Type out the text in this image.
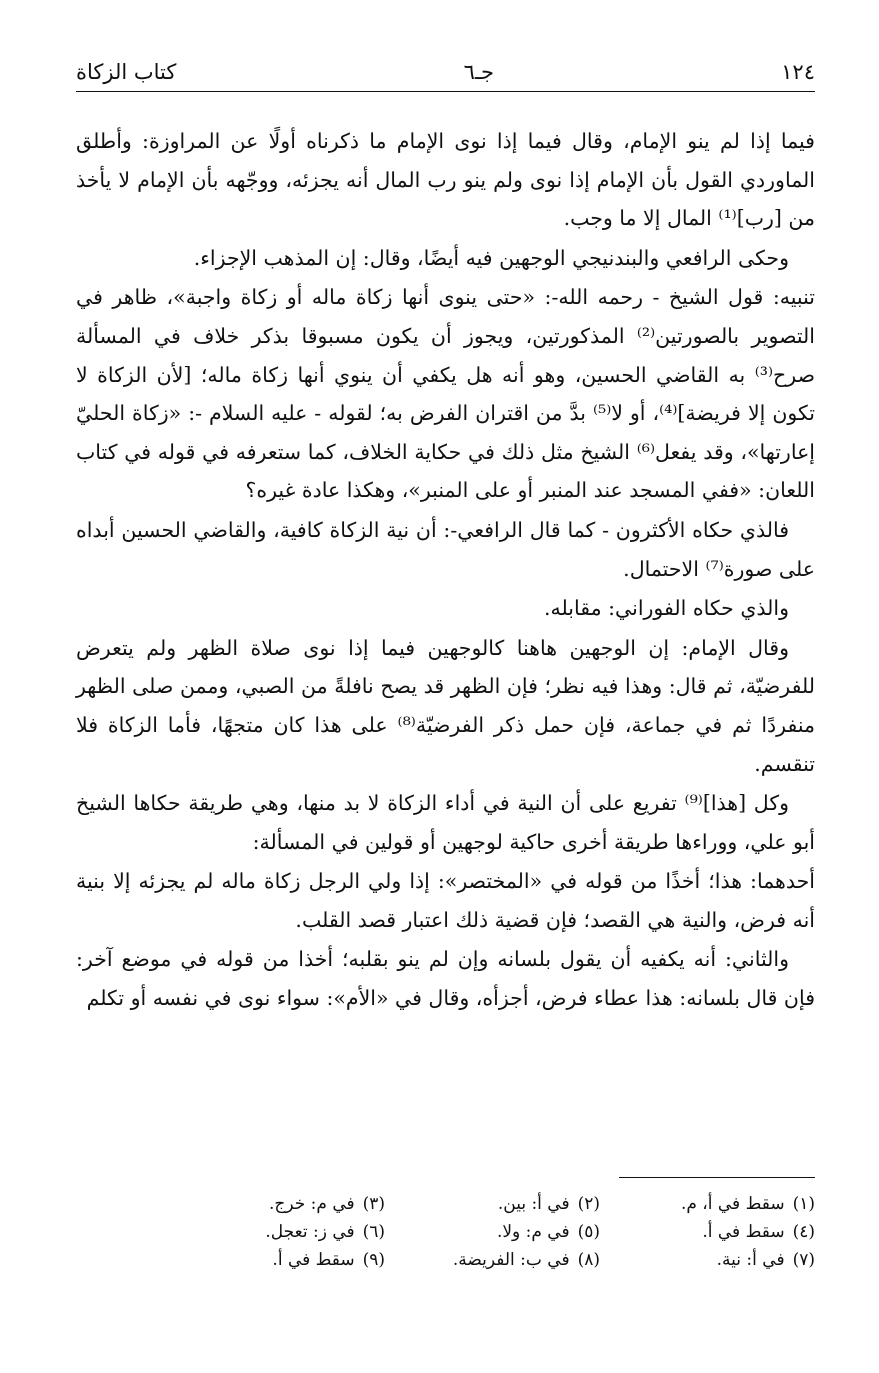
كتاب الزكاة	جـ٦	١٢٤

فيما إذا لم ينو الإمام، وقال فيما إذا نوى الإمام ما ذكرناه أولًا عن المراوزة: وأطلق الماوردي القول بأن الإمام إذا نوى ولم ينو رب المال أنه يجزئه، ووجّهه بأن الإمام لا يأخذ من [رب]⁽¹⁾ المال إلا ما وجب.

وحكى الرافعي والبندنيجي الوجهين فيه أيضًا، وقال: إن المذهب الإجزاء.

تنبيه: قول الشيخ - رحمه الله-: «حتى ينوى أنها زكاة ماله أو زكاة واجبة»، ظاهر في التصوير بالصورتين⁽²⁾ المذكورتين، ويجوز أن يكون مسبوقا بذكر خلاف في المسألة صرح⁽³⁾ به القاضي الحسين، وهو أنه هل يكفي أن ينوي أنها زكاة ماله؛ [لأن الزكاة لا تكون إلا فريضة]⁽⁴⁾، أو لا⁽⁵⁾ بدَّ من اقتران الفرض به؛ لقوله - عليه السلام -: «زكاة الحليّ إعارتها»، وقد يفعل⁽⁶⁾ الشيخ مثل ذلك في حكاية الخلاف، كما ستعرفه في قوله في كتاب اللعان: «ففي المسجد عند المنبر أو على المنبر»، وهكذا عادة غيره؟

فالذي حكاه الأكثرون - كما قال الرافعي-: أن نية الزكاة كافية، والقاضي الحسين أبداه على صورة⁽⁷⁾ الاحتمال.

والذي حكاه الفوراني: مقابله.

وقال الإمام: إن الوجهين هاهنا كالوجهين فيما إذا نوى صلاة الظهر ولم يتعرض للفرضيّة، ثم قال: وهذا فيه نظر؛ فإن الظهر قد يصح نافلةً من الصبي، وممن صلى الظهر منفردًا ثم في جماعة، فإن حمل ذكر الفرضيّة⁽⁸⁾ على هذا كان متجهًا، فأما الزكاة فلا تنقسم.

وكل [هذا]⁽⁹⁾ تفريع على أن النية في أداء الزكاة لا بد منها، وهي طريقة حكاها الشيخ أبو علي، ووراءها طريقة أخرى حاكية لوجهين أو قولين في المسألة:

أحدهما: هذا؛ أخذًا من قوله في «المختصر»: إذا ولي الرجل زكاة ماله لم يجزئه إلا بنية أنه فرض، والنية هي القصد؛ فإن قضية ذلك اعتبار قصد القلب.

والثاني: أنه يكفيه أن يقول بلسانه وإن لم ينو بقلبه؛ أخذا من قوله في موضع آخر: فإن قال بلسانه: هذا عطاء فرض، أجزأه، وقال في «الأم»: سواء نوى في نفسه أو تكلم

(١)سقط في أ، م.
(٢)في أ: بين.
(٣)في م: خرج.
(٤)سقط في أ.
(٥)في م: ولا.
(٦)في ز: تعجل.
(٧)في أ: نية.
(٨)في ب: الفريضة.
(٩)سقط في أ.
